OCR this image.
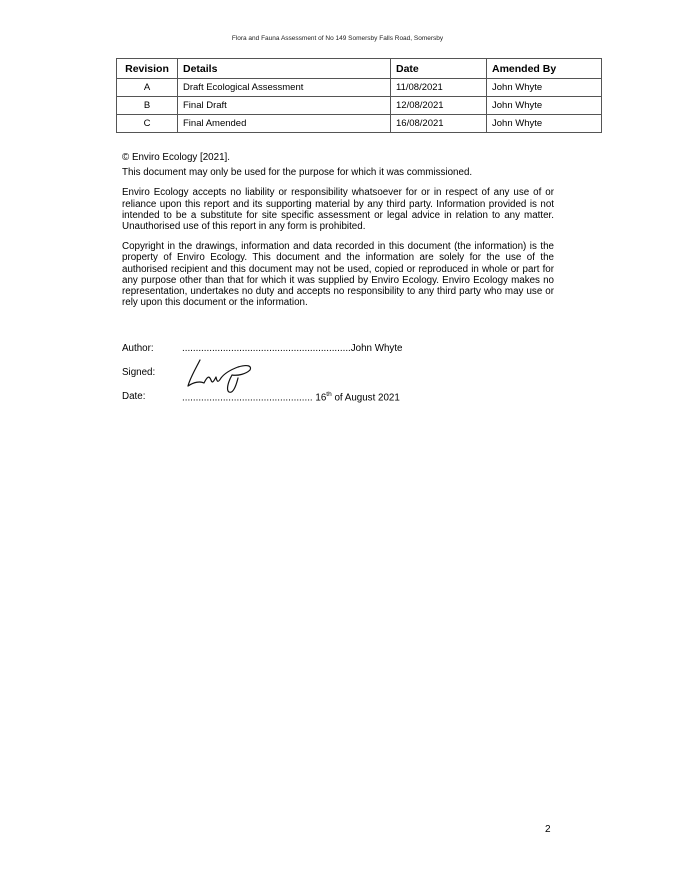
Flora and Fauna Assessment of No 149 Somersby Falls Road, Somersby
Revision	Details	Date	Amended By
A	Draft Ecological Assessment	11/08/2021	John Whyte
B	Final Draft	12/08/2021	John Whyte
C	Final Amended	16/08/2021	John Whyte

© Enviro Ecology [2021].

This document may only be used for the purpose for which it was commissioned.

Enviro Ecology accepts no liability or responsibility whatsoever for or in respect of any use of or reliance upon this report and its supporting material by any third party. Information provided is not intended to be a substitute for site specific assessment or legal advice in relation to any matter. Unauthorised use of this report in any form is prohibited.

Copyright in the drawings, information and data recorded in this document (the information) is the property of Enviro Ecology. This document and the information are solely for the use of the authorised recipient and this document may not be used, copied or reproduced in whole or part for any purpose other than that for which it was supplied by Enviro Ecology. Enviro Ecology makes no representation, undertakes no duty and accepts no responsibility to any third party who may use or rely upon this document or the information.

Author:	..............................................................John Whyte
Signed:
Date:	................................................ 16th of August 2021
2
